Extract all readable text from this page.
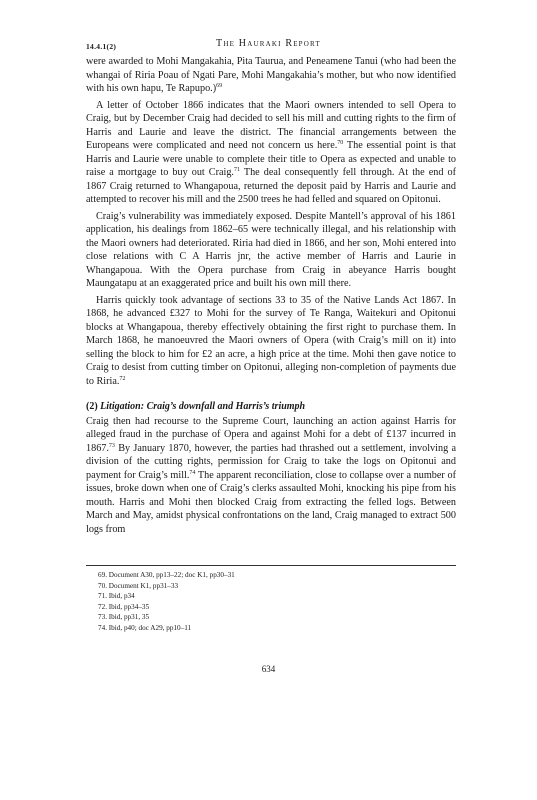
14.4.1(2)	The Hauraki Report

were awarded to Mohi Mangakahia, Pita Taurua, and Peneamene Tanui (who had been the whangai of Riria Poau of Ngati Pare, Mohi Mangakahia’s mother, but who now identified with his own hapu, Te Rapupo.)$^{69}$

A letter of October 1866 indicates that the Maori owners intended to sell Opera to Craig, but by December Craig had decided to sell his mill and cutting rights to the firm of Harris and Laurie and leave the district. The financial arrangements between the Europeans were complicated and need not concern us here.$^{70}$ The essential point is that Harris and Laurie were unable to complete their title to Opera as expected and unable to raise a mortgage to buy out Craig.$^{71}$ The deal consequently fell through. At the end of 1867 Craig returned to Whangapoua, returned the deposit paid by Harris and Laurie and attempted to recover his mill and the 2500 trees he had felled and squared on Opitonui.

Craig’s vulnerability was immediately exposed. Despite Mantell’s approval of his 1861 application, his dealings from 1862–65 were technically illegal, and his relationship with the Maori owners had deteriorated. Riria had died in 1866, and her son, Mohi entered into close relations with C A Harris jnr, the active member of Harris and Laurie in Whangapoua. With the Opera purchase from Craig in abeyance Harris bought Maungatapu at an exaggerated price and built his own mill there.

Harris quickly took advantage of sections 33 to 35 of the Native Lands Act 1867. In 1868, he advanced £327 to Mohi for the survey of Te Ranga, Waitekuri and Opitonui blocks at Whangapoua, thereby effectively obtaining the first right to purchase them. In March 1868, he manoeuvred the Maori owners of Opera (with Craig’s mill on it) into selling the block to him for £2 an acre, a high price at the time. Mohi then gave notice to Craig to desist from cutting timber on Opitonui, alleging non-completion of payments due to Riria.$^{72}$

(2) Litigation: Craig’s downfall and Harris’s triumph

Craig then had recourse to the Supreme Court, launching an action against Harris for alleged fraud in the purchase of Opera and against Mohi for a debt of £137 incurred in 1867.73 By January 1870, however, the parties had thrashed out a settlement, involving a division of the cutting rights, permission for Craig to take the logs on Opitonui and payment for Craig’s mill.$^{74}$ The apparent reconciliation, close to collapse over a number of issues, broke down when one of Craig’s clerks assaulted Mohi, knocking his pipe from his mouth. Harris and Mohi then blocked Craig from extracting the felled logs. Between March and May, amidst physical confrontations on the land, Craig managed to extract 500 logs from

69. Document A30, pp13–22; doc K1, pp30–31
70. Document K1, pp31–33
71. Ibid, p34
72. Ibid, pp34–35
73. Ibid, pp31, 35
74. Ibid, p40; doc A29, pp10–11
634
